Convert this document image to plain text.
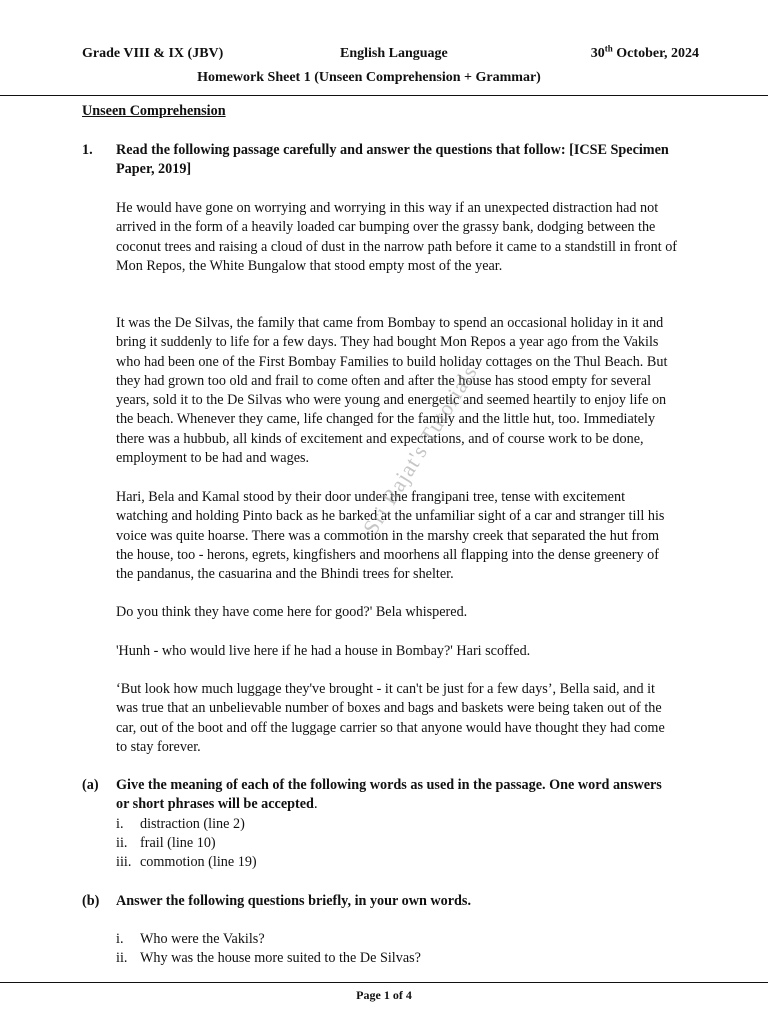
Grade VIII & IX (JBV)	English Language	30th October, 2024
Homework Sheet 1 (Unseen Comprehension + Grammar)
Unseen Comprehension
1. Read the following passage carefully and answer the questions that follow: [ICSE Specimen Paper, 2019]

He would have gone on worrying and worrying in this way if an unexpected distraction had not arrived in the form of a heavily loaded car bumping over the grassy bank, dodging between the coconut trees and raising a cloud of dust in the narrow path before it came to a standstill in front of Mon Repos, the White Bungalow that stood empty most of the year.

It was the De Silvas, the family that came from Bombay to spend an occasional holiday in it and bring it suddenly to life for a few days. They had bought Mon Repos a year ago from the Vakils who had been one of the First Bombay Families to build holiday cottages on the Thul Beach. But they had grown too old and frail to come often and after the house has stood empty for several years, sold it to the De Silvas who were young and energetic and seemed heartily to enjoy life on the beach. Whenever they came, life changed for the family and the little hut, too. Immediately there was a hubbub, all kinds of excitement and expectations, and of course work to be done, employment to be had and wages.

Hari, Bela and Kamal stood by their door under the frangipani tree, tense with excitement watching and holding Pinto back as he barked at the unfamiliar sight of a car and stranger till his voice was quite hoarse. There was a commotion in the marshy creek that separated the hut from the house, too - herons, egrets, kingfishers and moorhens all flapping into the dense greenery of the pandanus, the casuarina and the Bhindi trees for shelter.

Do you think they have come here for good?' Bela whispered.

'Hunh - who would live here if he had a house in Bombay?' Hari scoffed.

‘But look how much luggage they've brought - it can't be just for a few days’, Bella said, and it was true that an unbelievable number of boxes and bags and baskets were being taken out of the car, out of the boot and off the luggage carrier so that anyone would have thought they had come to stay forever.

(a) Give the meaning of each of the following words as used in the passage. One word answers or short phrases will be accepted.
i. distraction (line 2)
ii. frail (line 10)
iii. commotion (line 19)
(b) Answer the following questions briefly, in your own words.
i. Who were the Vakils?
ii. Why was the house more suited to the De Silvas?
Sri Rajat's Tutorials
Page 1 of 4
